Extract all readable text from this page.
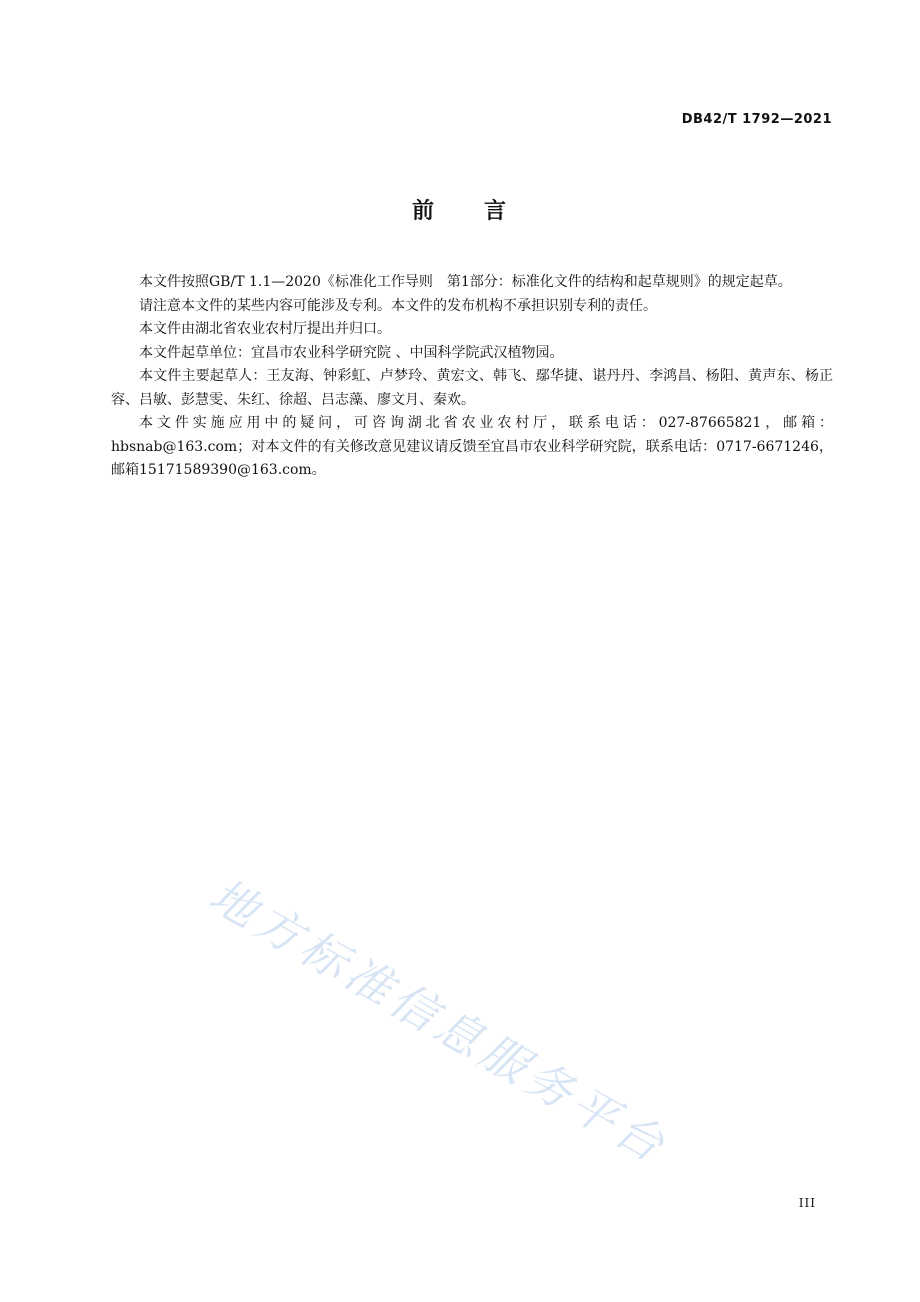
DB42/T 1792—2021
前 言

本文件按照GB/T 1.1—2020《标准化工作导则　第1部分：标准化文件的结构和起草规则》的规定起草。

请注意本文件的某些内容可能涉及专利。本文件的发布机构不承担识别专利的责任。

本文件由湖北省农业农村厅提出并归口。

本文件起草单位：宜昌市农业科学研究院 、中国科学院武汉植物园。

本文件主要起草人：王友海、钟彩虹、卢梦玲、黄宏文、韩飞、鄢华捷、谌丹丹、李鸿昌、杨阳、黄声东、杨正容、吕敏、彭慧雯、朱红、徐超、吕志藻、廖文月、秦欢。

本文件实施应用中的疑问，可咨询湖北省农业农村厅，联系电话：027-87665821，邮箱：hbsnab@163.com；对本文件的有关修改意见建议请反馈至宜昌市农业科学研究院，联系电话：0717-6671246，邮箱15171589390@163.com。

地方标准信息服务平台
III
